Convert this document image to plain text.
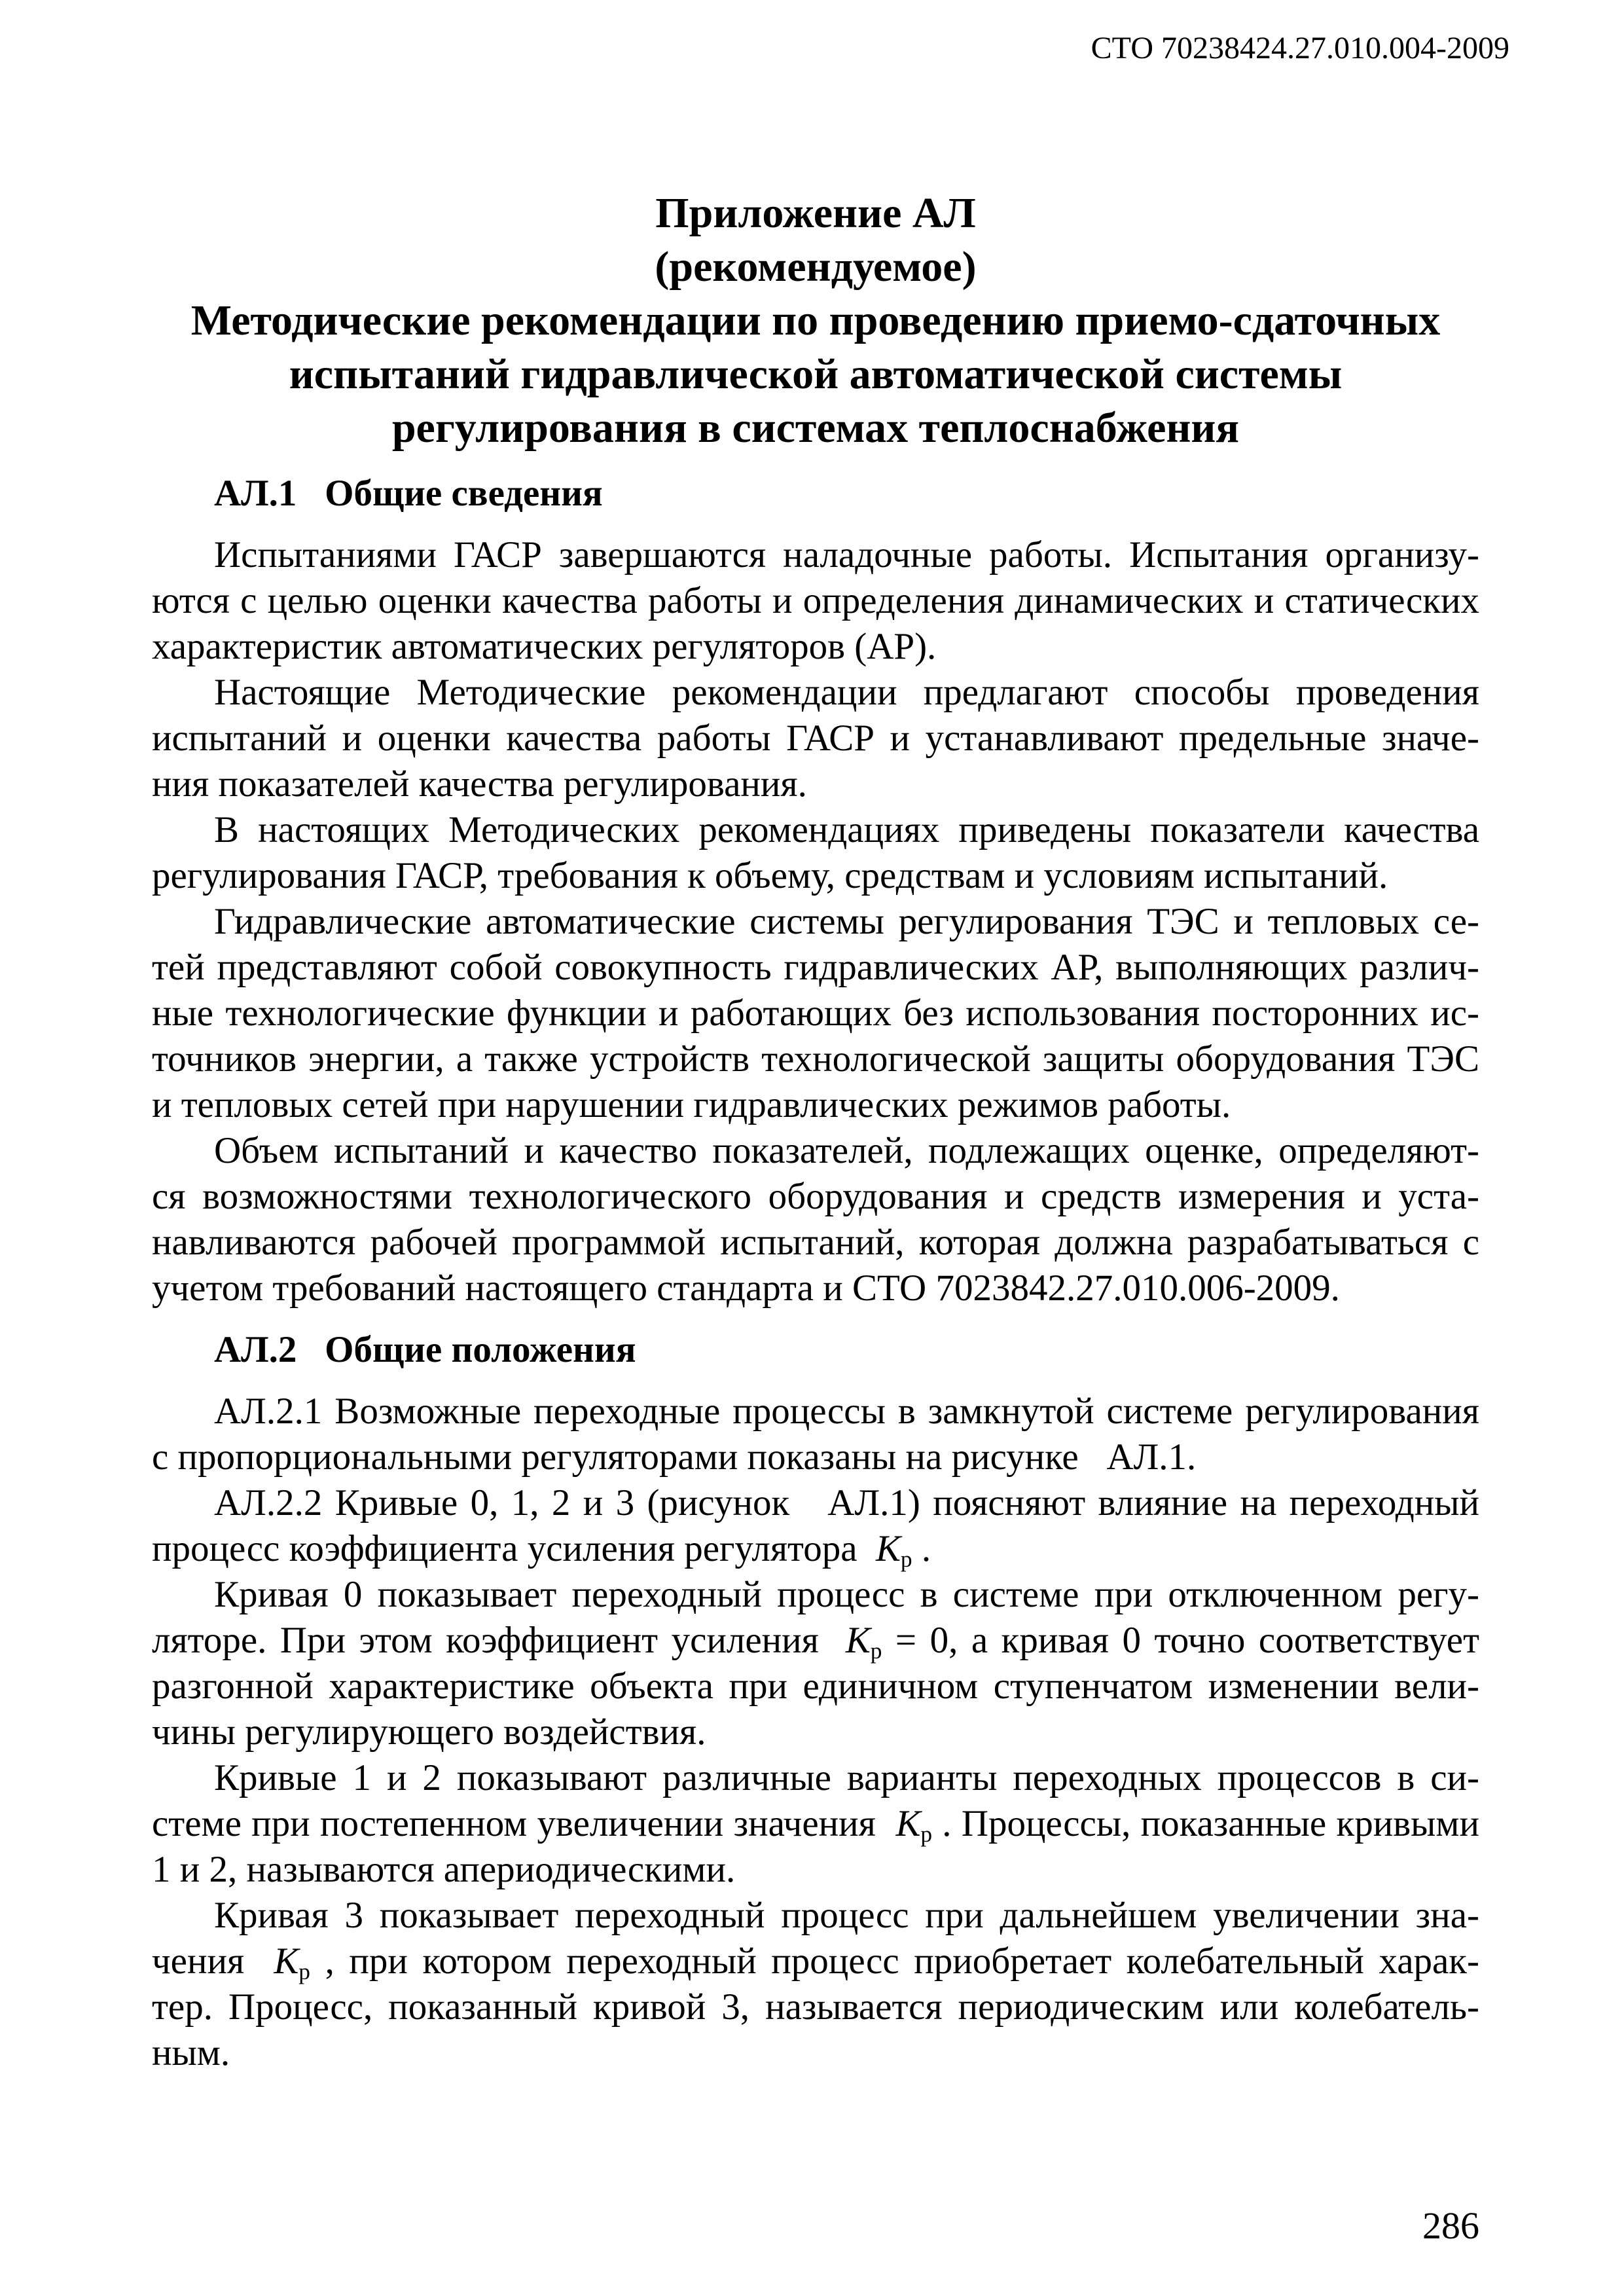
СТО 70238424.27.010.004-2009
Приложение АЛ
(рекомендуемое)
Методические рекомендации по проведению приемо-сдаточных
испытаний гидравлической автоматической системы
регулирования в системах теплоснабжения
АЛ.1   Общие сведения
Испытаниями ГАСР завершаются наладочные работы. Испытания организу-
ются с целью оценки качества работы и определения динамических и статических
характеристик автоматических регуляторов (АР).
Настоящие Методические рекомендации предлагают способы проведения
испытаний и оценки качества работы ГАСР и устанавливают предельные значе-
ния показателей качества регулирования.
В настоящих Методических рекомендациях приведены показатели качества
регулирования ГАСР, требования к объему, средствам и условиям испытаний.
Гидравлические автоматические системы регулирования ТЭС и тепловых се-
тей представляют собой совокупность гидравлических АР, выполняющих различ-
ные технологические функции и работающих без использования посторонних ис-
точников энергии, а также устройств технологической защиты оборудования ТЭС
и тепловых сетей при нарушении гидравлических режимов работы.
Объем испытаний и качество показателей, подлежащих оценке, определяют-
ся возможностями технологического оборудования и средств измерения и уста-
навливаются рабочей программой испытаний, которая должна разрабатываться с
учетом требований настоящего стандарта и СТО 7023842.27.010.006-2009.
АЛ.2   Общие положения
АЛ.2.1 Возможные переходные процессы в замкнутой системе регулирования
с пропорциональными регуляторами показаны на рисунке   АЛ.1.
АЛ.2.2 Кривые 0, 1, 2 и 3 (рисунок   АЛ.1) поясняют влияние на переходный
процесс коэффициента усиления регулятора  $К_р$ .
Кривая 0 показывает переходный процесс в системе при отключенном регу-
ляторе. При этом коэффициент усиления  $К_р = 0$, а кривая 0 точно соответствует
разгонной характеристике объекта при единичном ступенчатом изменении вели-
чины регулирующего воздействия.
Кривые 1 и 2 показывают различные варианты переходных процессов в си-
стеме при постепенном увеличении значения  $К_р$ . Процессы, показанные кривыми
1 и 2, называются апериодическими.
Кривая 3 показывает переходный процесс при дальнейшем увеличении зна-
чения  $К_р$ , при котором переходный процесс приобретает колебательный харак-
тер. Процесс, показанный кривой 3, называется периодическим или колебатель-
ным.
286
